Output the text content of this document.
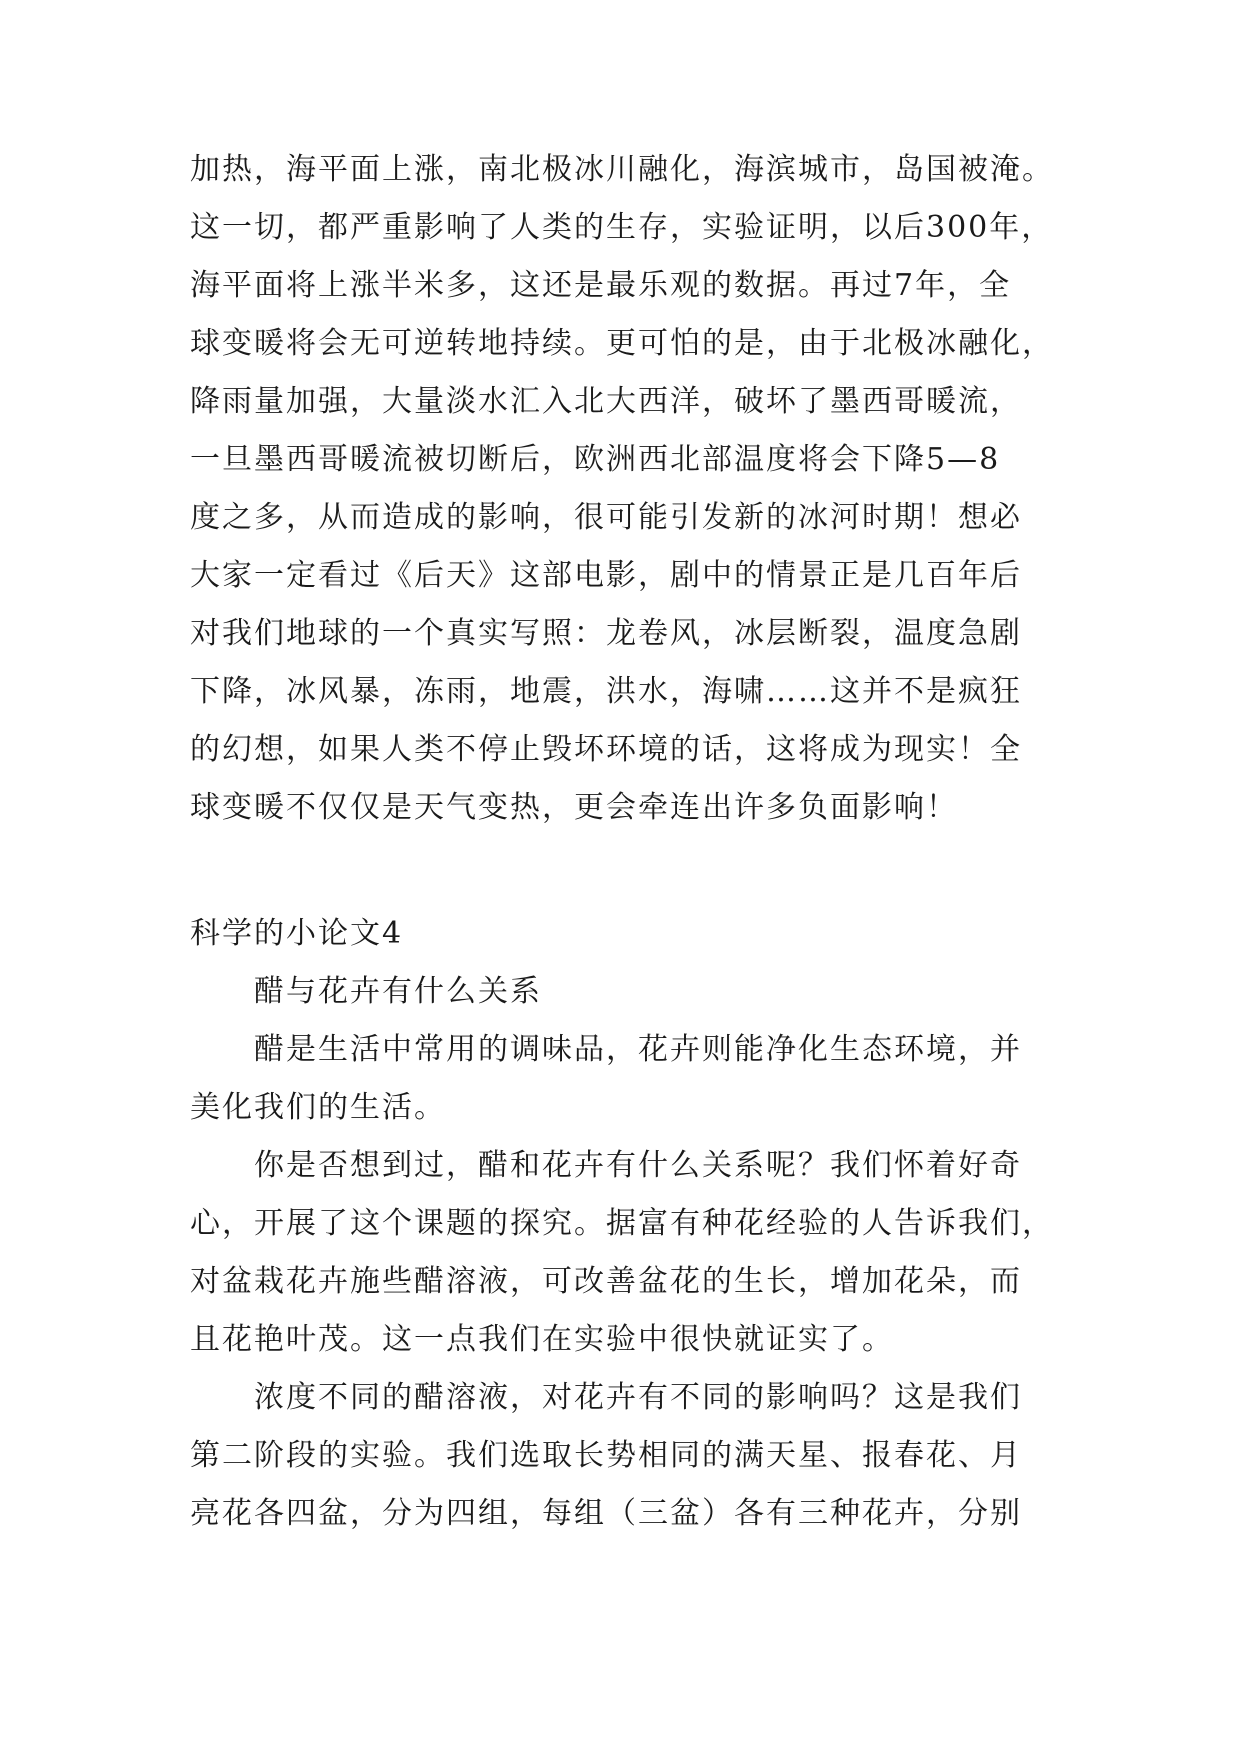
加热，海平面上涨，南北极冰川融化，海滨城市，岛国被淹。
这一切，都严重影响了人类的生存，实验证明，以后300年，
海平面将上涨半米多，这还是最乐观的数据。再过7年，全
球变暖将会无可逆转地持续。更可怕的是，由于北极冰融化，
降雨量加强，大量淡水汇入北大西洋，破坏了墨西哥暖流，
一旦墨西哥暖流被切断后，欧洲西北部温度将会下降5—8
度之多，从而造成的影响，很可能引发新的冰河时期！想必
大家一定看过《后天》这部电影，剧中的情景正是几百年后
对我们地球的一个真实写照：龙卷风，冰层断裂，温度急剧
下降，冰风暴，冻雨，地震，洪水，海啸……这并不是疯狂
的幻想，如果人类不停止毁坏环境的话，这将成为现实！全
球变暖不仅仅是天气变热，更会牵连出许多负面影响！
科学的小论文4
醋与花卉有什么关系
醋是生活中常用的调味品，花卉则能净化生态环境，并
美化我们的生活。
你是否想到过，醋和花卉有什么关系呢？我们怀着好奇
心，开展了这个课题的探究。据富有种花经验的人告诉我们，
对盆栽花卉施些醋溶液，可改善盆花的生长，增加花朵，而
且花艳叶茂。这一点我们在实验中很快就证实了。
浓度不同的醋溶液，对花卉有不同的影响吗？这是我们
第二阶段的实验。我们选取长势相同的满天星、报春花、月
亮花各四盆，分为四组，每组（三盆）各有三种花卉，分别
